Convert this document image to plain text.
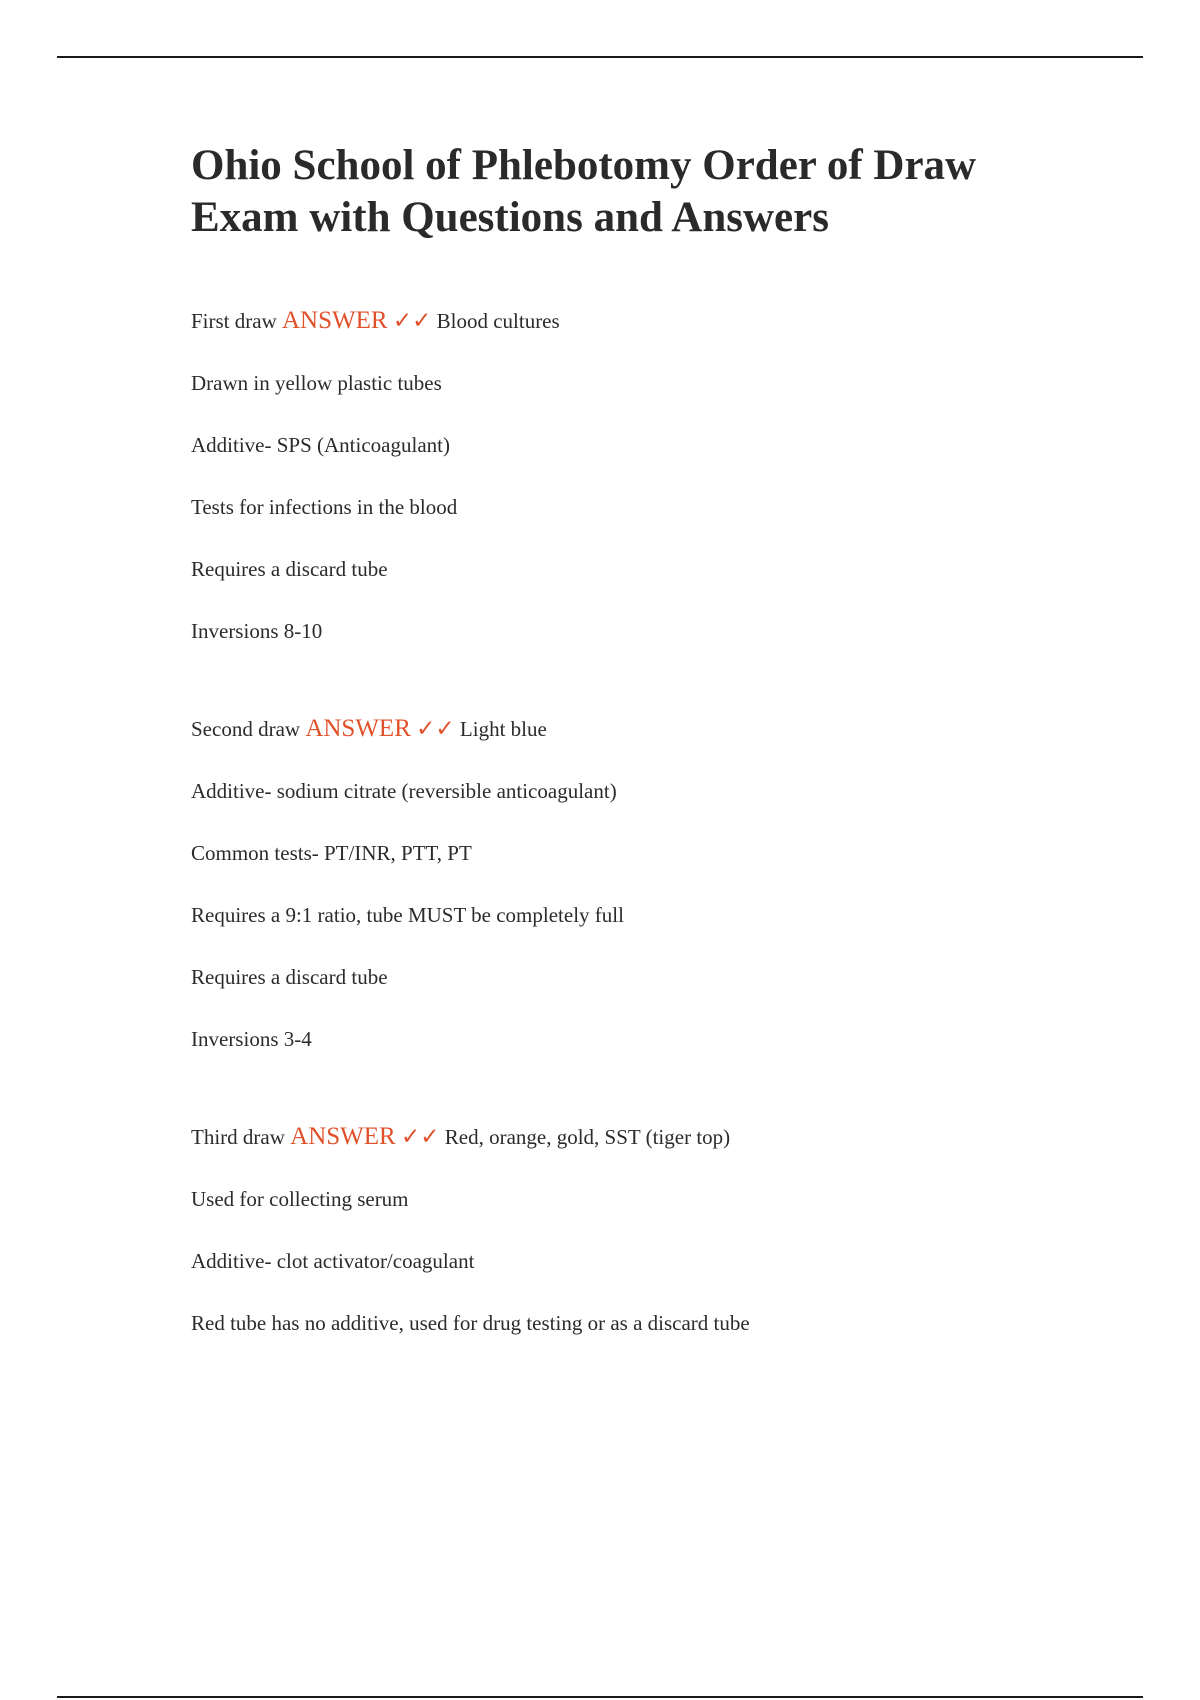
Ohio School of Phlebotomy Order of Draw Exam with Questions and Answers

First draw ANSWER ✓✓ Blood cultures

Drawn in yellow plastic tubes

Additive- SPS (Anticoagulant)

Tests for infections in the blood

Requires a discard tube

Inversions 8-10

Second draw ANSWER ✓✓ Light blue

Additive- sodium citrate (reversible anticoagulant)

Common tests- PT/INR, PTT, PT

Requires a 9:1 ratio, tube MUST be completely full

Requires a discard tube

Inversions 3-4

Third draw ANSWER ✓✓ Red, orange, gold, SST (tiger top)

Used for collecting serum

Additive- clot activator/coagulant

Red tube has no additive, used for drug testing or as a discard tube
